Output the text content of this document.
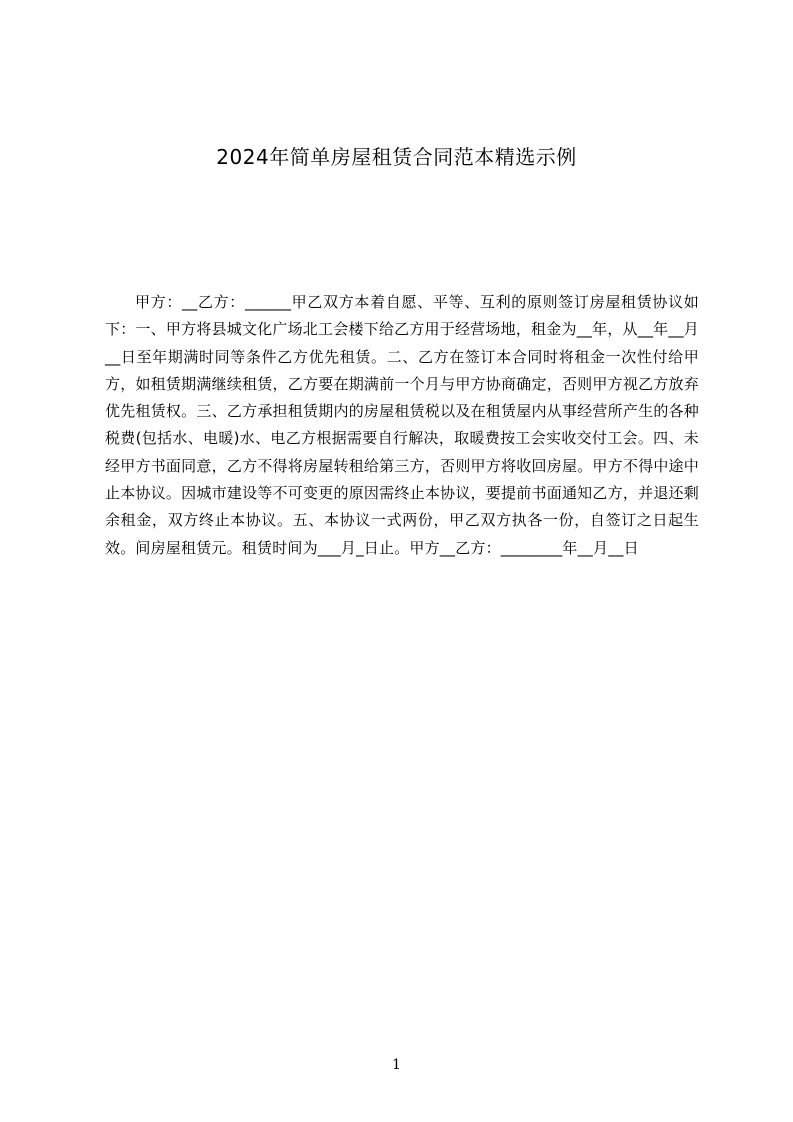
2024年简单房屋租赁合同范本精选示例

甲方：__乙方：______甲乙双方本着自愿、平等、互利的原则签订房屋租赁协议如下：一、甲方将县城文化广场北工会楼下给乙方用于经营场地，租金为__年，从__年__月__日至年期满时同等条件乙方优先租赁。二、乙方在签订本合同时将租金一次性付给甲方，如租赁期满继续租赁，乙方要在期满前一个月与甲方协商确定，否则甲方视乙方放弃优先租赁权。三、乙方承担租赁期内的房屋租赁税以及在租赁屋内从事经营所产生的各种税费(包括水、电暖)水、电乙方根据需要自行解决，取暖费按工会实收交付工会。四、未经甲方书面同意，乙方不得将房屋转租给第三方，否则甲方将收回房屋。甲方不得中途中止本协议。因城市建设等不可变更的原因需终止本协议，要提前书面通知乙方，并退还剩余租金，双方终止本协议。五、本协议一式两份，甲乙双方执各一份，自签订之日起生效。间房屋租赁元。租赁时间为___月_日止。甲方__乙方：________年__月__日

1
